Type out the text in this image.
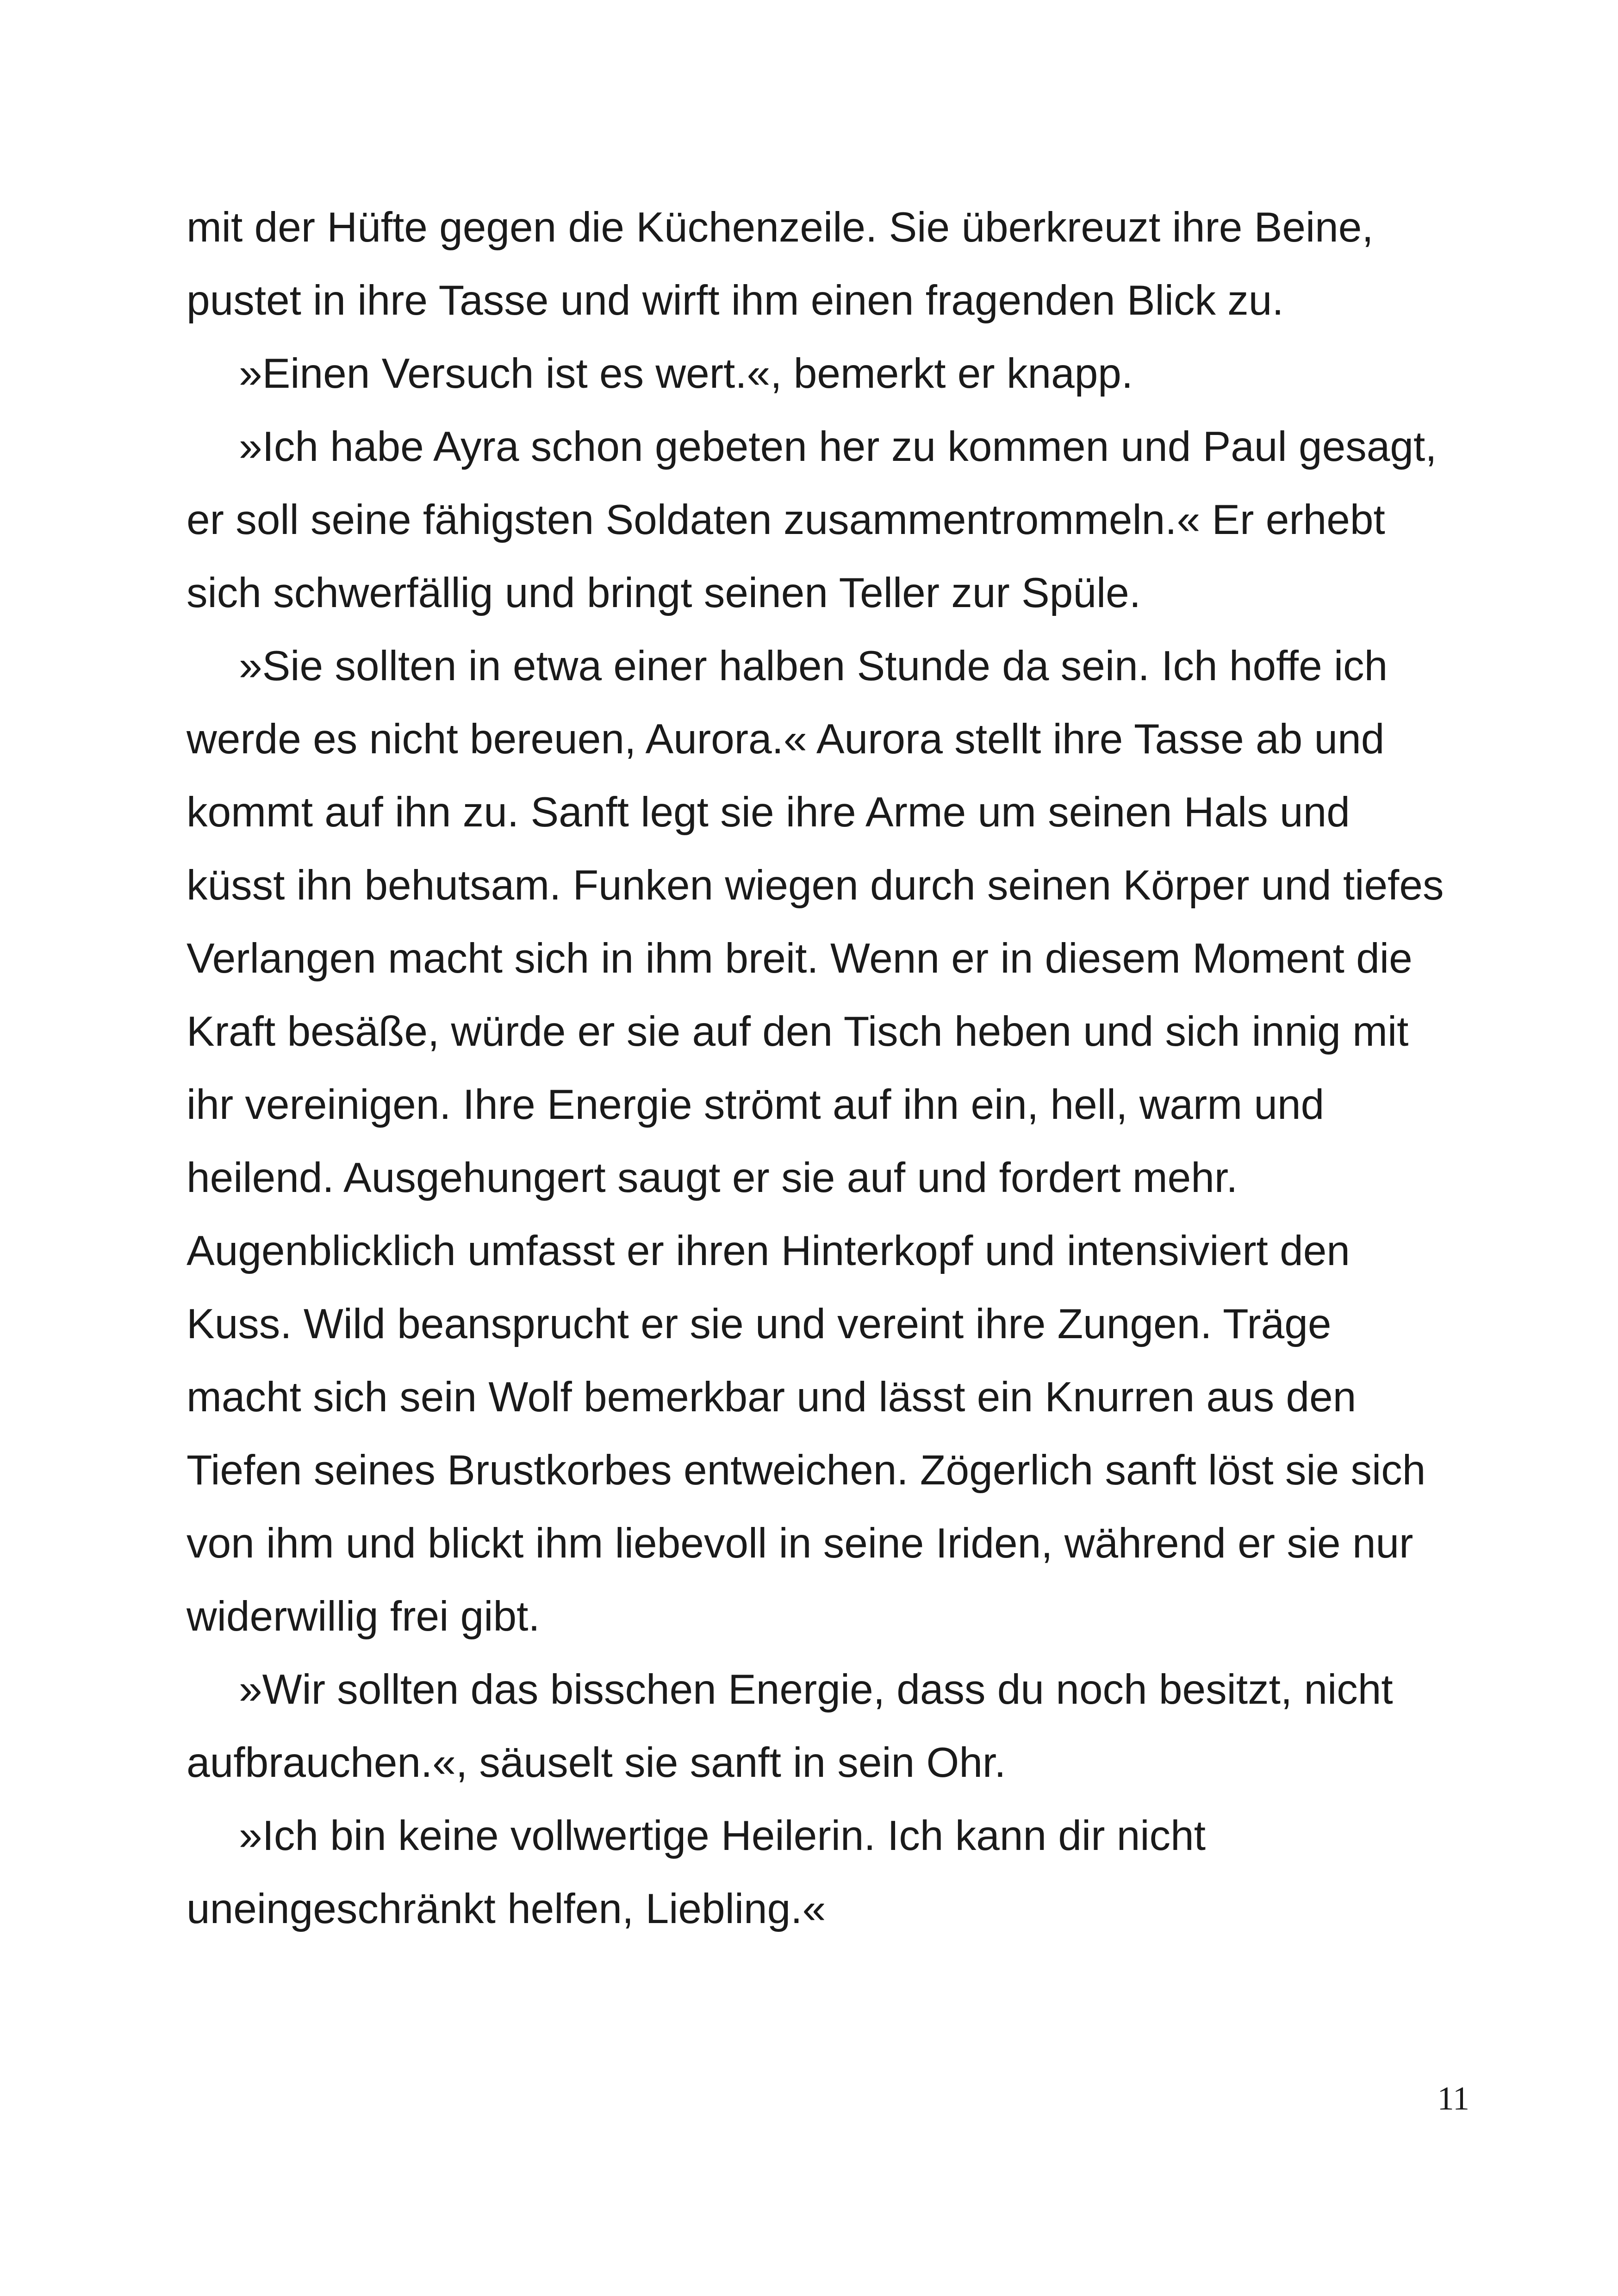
mit der Hüfte gegen die Küchenzeile. Sie überkreuzt ihre Beine,
pustet in ihre Tasse und wirft ihm einen fragenden Blick zu.
»Einen Versuch ist es wert.«, bemerkt er knapp.
»Ich habe Ayra schon gebeten her zu kommen und Paul gesagt,
er soll seine fähigsten Soldaten zusammentrommeln.« Er erhebt
sich schwerfällig und bringt seinen Teller zur Spüle.
»Sie sollten in etwa einer halben Stunde da sein. Ich hoffe ich
werde es nicht bereuen, Aurora.« Aurora stellt ihre Tasse ab und
kommt auf ihn zu. Sanft legt sie ihre Arme um seinen Hals und
küsst ihn behutsam. Funken wiegen durch seinen Körper und tiefes
Verlangen macht sich in ihm breit. Wenn er in diesem Moment die
Kraft besäße, würde er sie auf den Tisch heben und sich innig mit
ihr vereinigen. Ihre Energie strömt auf ihn ein, hell, warm und
heilend. Ausgehungert saugt er sie auf und fordert mehr.
Augenblicklich umfasst er ihren Hinterkopf und intensiviert den
Kuss. Wild beansprucht er sie und vereint ihre Zungen. Träge
macht sich sein Wolf bemerkbar und lässt ein Knurren aus den
Tiefen seines Brustkorbes entweichen. Zögerlich sanft löst sie sich
von ihm und blickt ihm liebevoll in seine Iriden, während er sie nur
widerwillig frei gibt.
»Wir sollten das bisschen Energie, dass du noch besitzt, nicht
aufbrauchen.«, säuselt sie sanft in sein Ohr.
»Ich bin keine vollwertige Heilerin. Ich kann dir nicht
uneingeschränkt helfen, Liebling.«
11
